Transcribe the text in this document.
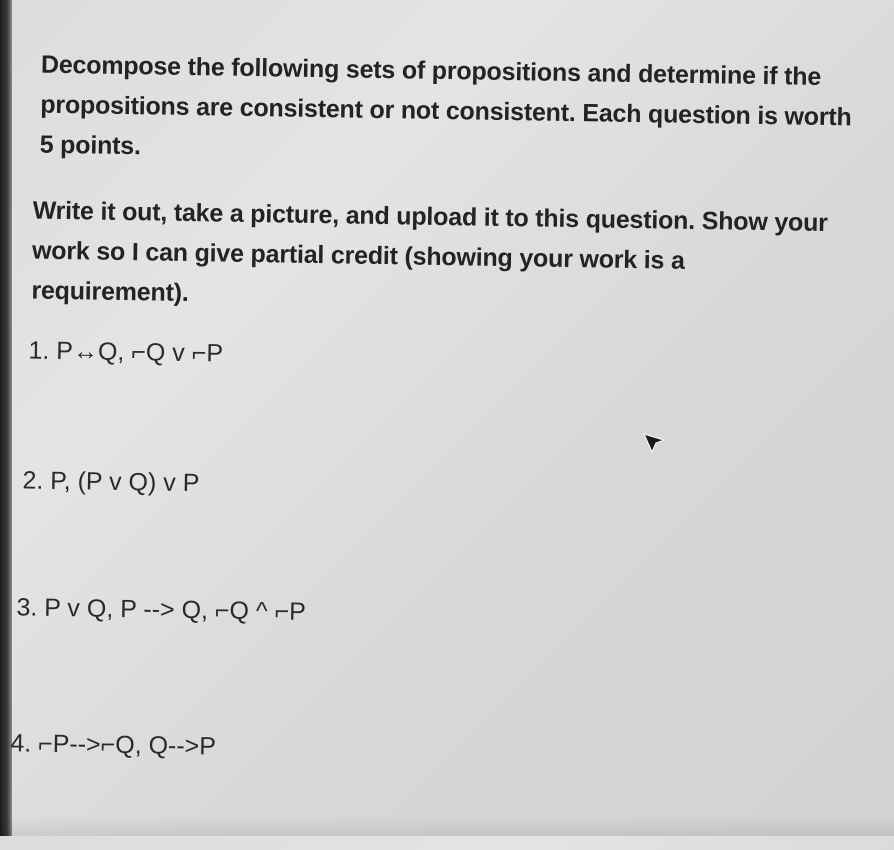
Decompose the following sets of propositions and determine if the
propositions are consistent or not consistent. Each question is worth
5 points.

Write it out, take a picture, and upload it to this question. Show your
work so I can give partial credit (showing your work is a
requirement).

1. P↔Q, ⌐Q v ⌐P

2. P, (P v Q) v P

3. P v Q, P --> Q, ⌐Q ^ ⌐P

4. ⌐P-->⌐Q, Q-->P
